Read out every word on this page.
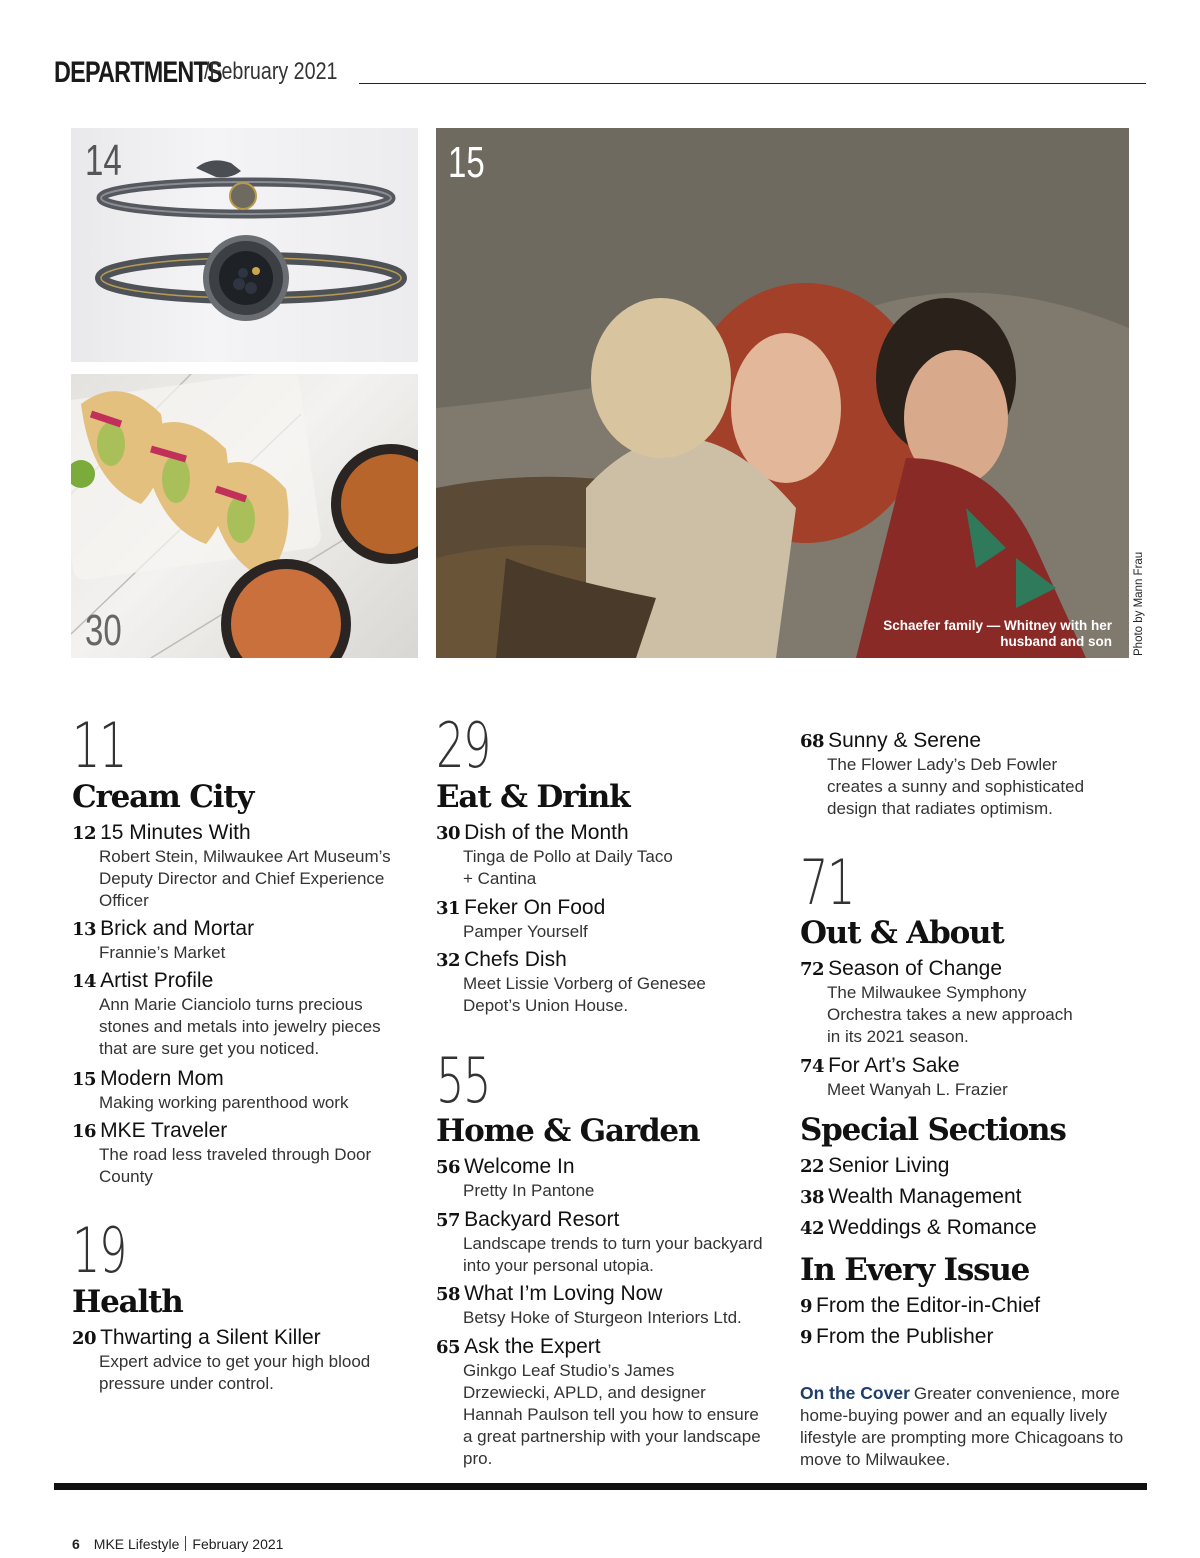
DEPARTMENTS
/February 2021
14
30
15
Schaefer family — Whitney with her husband and son Photo by Mann Frau
11
Cream City
12 15 Minutes With
Robert Stein, Milwaukee Art Museum’s Deputy Director and Chief Experience Officer
13 Brick and Mortar
Frannie’s Market
14 Artist Profile
Ann Marie Cianciolo turns precious stones and metals into jewelry pieces that are sure get you noticed.
15 Modern Mom
Making working parenthood work
16 MKE Traveler
The road less traveled through Door County
19
Health
20 Thwarting a Silent Killer
Expert advice to get your high blood pressure under control.
29
Eat & Drink
30 Dish of the Month
Tinga de Pollo at Daily Taco + Cantina
31 Feker On Food
Pamper Yourself
32 Chefs Dish
Meet Lissie Vorberg of Genesee Depot’s Union House.
55
Home & Garden
56 Welcome In
Pretty In Pantone
57 Backyard Resort
Landscape trends to turn your backyard into your personal utopia.
58 What I’m Loving Now
Betsy Hoke of Sturgeon Interiors Ltd.
65 Ask the Expert
Ginkgo Leaf Studio’s James Drzewiecki, APLD, and designer Hannah Paulson tell you how to ensure a great partnership with your landscape pro.
68 Sunny & Serene
The Flower Lady’s Deb Fowler creates a sunny and sophisticated design that radiates optimism.
71
Out & About
72 Season of Change
The Milwaukee Symphony Orchestra takes a new approach in its 2021 season.
74 For Art’s Sake
Meet Wanyah L. Frazier
Special Sections
22 Senior Living
38 Wealth Management
42 Weddings & Romance
In Every Issue
9 From the Editor-in-Chief
9 From the Publisher
On the Cover Greater convenience, more home-buying power and an equally lively lifestyle are prompting more Chicagoans to move to Milwaukee.
6 MKE Lifestyle February 2021
